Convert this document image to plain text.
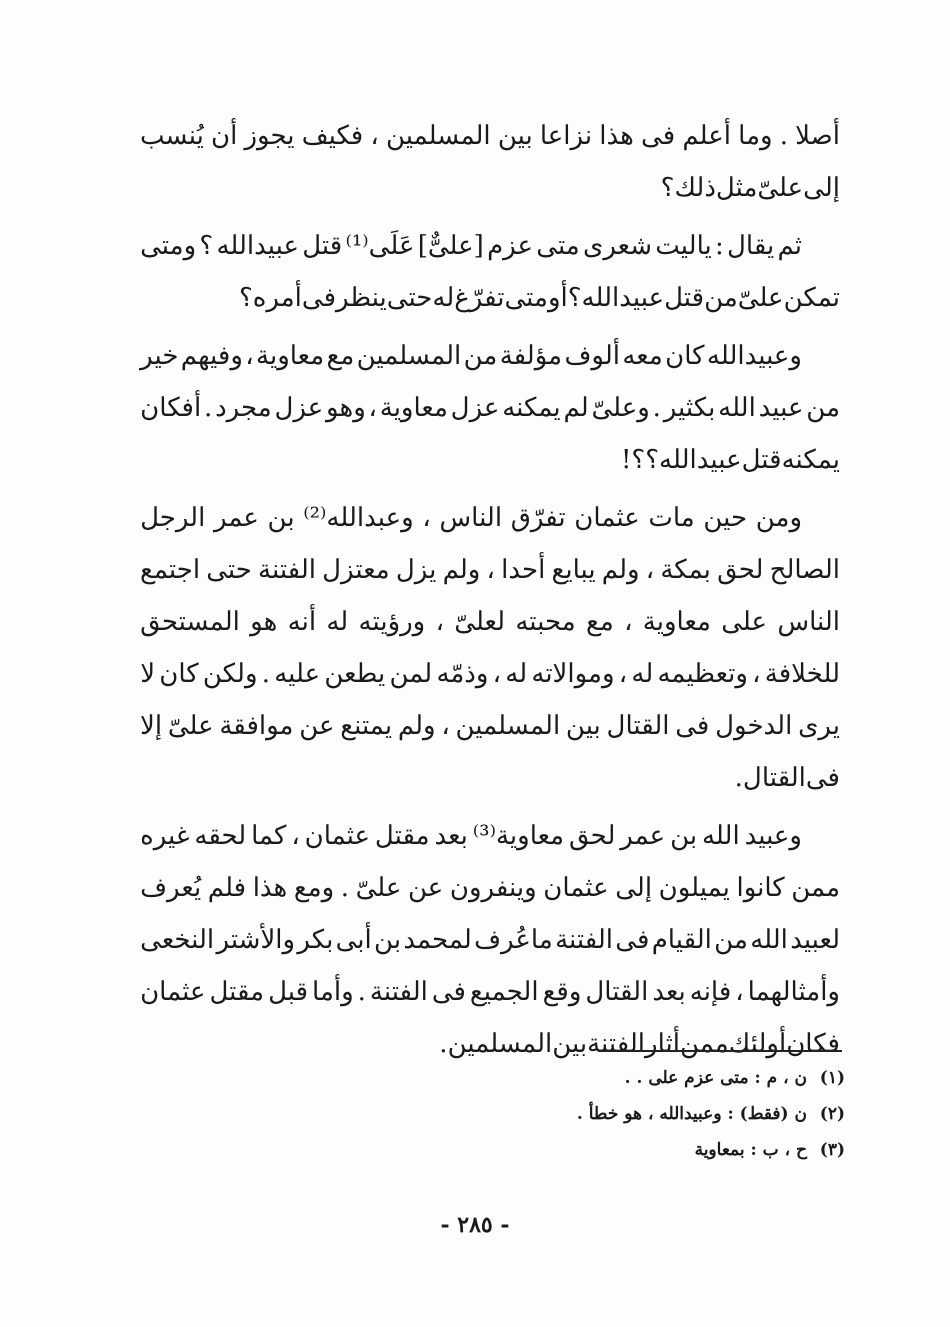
أصلا
.
وما
أعلم
فى
هذا
نزاعا
بين
المسلمين
،
فكيف
يجوز
أن
يُنسب
إلى
علىّ
مثل
ذلك
؟
ثم
يقال
:
ياليت
شعرى
متى
عزم
[علىٌّ]
عَلَى⁽¹⁾
قتل
عبيدالله
؟
ومتى
تمكن
علىّ
من
قتل
عبيدالله
؟
أو
متى
تفرّغ
له
حتى
ينظر
فى
أمره
؟
وعبيدالله
كان
معه
ألوف
مؤلفة
من
المسلمين
مع
معاوية
،
وفيهم
خير
من
عبيد
الله
بكثير
.
وعلىّ
لم
يمكنه
عزل
معاوية
،
وهو
عزل
مجرد
.
أفكان
يمكنه
قتل
عبيد
الله
؟
؟
!
ومن
حين
مات
عثمان
تفرّق
الناس
،
وعبدالله⁽²⁾
بن
عمر
الرجل
الصالح
لحق
بمكة
،
ولم
يبايع
أحدا
،
ولم
يزل
معتزل
الفتنة
حتى
اجتمع
الناس
على
معاوية
،
مع
محبته
لعلىّ
،
ورؤيته
له
أنه
هو
المستحق
للخلافة
،
وتعظيمه
له
،
وموالاته
له
،
وذمّه
لمن
يطعن
عليه
.
ولكن
كان
لا
يرى
الدخول
فى
القتال
بين
المسلمين
،
ولم
يمتنع
عن
موافقة
علىّ
إلا
فى
القتال
.
وعبيد
الله
بن
عمر
لحق
معاوية⁽³⁾
بعد
مقتل
عثمان
،
كما
لحقه
غيره
ممن
كانوا
يميلون
إلى
عثمان
وينفرون
عن
علىّ
.
ومع
هذا
فلم
يُعرف
لعبيد
الله
من
القيام
فى
الفتنة
ماعُرف
لمحمد
بن
أبى
بكر
والأشتر
النخعى
وأمثالهما
،
فإنه
بعد
القتال
وقع
الجميع
فى
الفتنة
.
وأما
قبل
مقتل
عثمان
فكان
أولئك
ممن
أثار
الفتنة
بين
المسلمين
.
(١)ن ، م : متى عزم على . .
(٢)ن (فقط) : وعبيدالله ، هو خطأ .
(٣)ح ، ب : بمعاوية
- ٢٨٥ -
